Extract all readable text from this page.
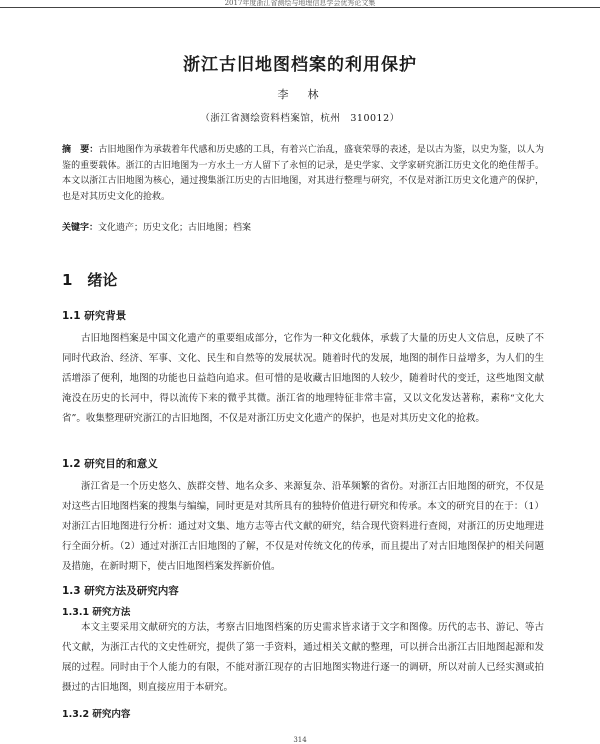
2017年度浙江省测绘与地理信息学会优秀论文集
浙江古旧地图档案的利用保护
李　林
（浙江省测绘资料档案馆，杭州　310012）

摘　要：古旧地图作为承载着年代感和历史感的工具，有着兴亡治乱，盛衰荣辱的表述，是以古为鉴，以史为鉴，以人为鉴的重要载体。浙江的古旧地图为一方水土一方人留下了永恒的记录，是史学家、文学家研究浙江历史文化的绝佳帮手。本文以浙江古旧地图为核心，通过搜集浙江历史的古旧地图，对其进行整理与研究，不仅是对浙江历史文化遗产的保护，也是对其历史文化的抢救。

关键字：文化遗产；历史文化；古旧地图；档案

1　绪论
1.1 研究背景

古旧地图档案是中国文化遗产的重要组成部分，它作为一种文化载体，承载了大量的历史人文信息，反映了不同时代政治、经济、军事、文化、民生和自然等的发展状况。随着时代的发展，地图的制作日益增多，为人们的生活增添了便利，地图的功能也日益趋向追求。但可惜的是收藏古旧地图的人较少，随着时代的变迁，这些地图文献淹没在历史的长河中，得以流传下来的微乎其微。浙江省的地理特征非常丰富，又以文化发达著称，素称“文化大省”。收集整理研究浙江的古旧地图，不仅是对浙江历史文化遗产的保护，也是对其历史文化的抢救。

1.2 研究目的和意义

浙江省是一个历史悠久、族群交替、地名众多、来源复杂、沿革频繁的省份。对浙江古旧地图的研究，不仅是对这些古旧地图档案的搜集与编编，同时更是对其所具有的独特价值进行研究和传承。本文的研究目的在于：（1）对浙江古旧地图进行分析：通过对文集、地方志等古代文献的研究，结合现代资料进行查阅，对浙江的历史地理进行全面分析。（2）通过对浙江古旧地图的了解，不仅是对传统文化的传承，而且提出了对古旧地图保护的相关问题及措施，在新时期下，使古旧地图档案发挥新价值。

1.3 研究方法及研究内容
1.3.1 研究方法

本文主要采用文献研究的方法，考察古旧地图档案的历史需求皆求诸于文字和图像。历代的志书、游记、等古代文献，为浙江古代的文史性研究，提供了第一手资料，通过相关文献的整理，可以拼合出浙江古旧地图起源和发展的过程。同时由于个人能力的有限，不能对浙江现存的古旧地图实物进行逐一的调研，所以对前人已经实测或拍摄过的古旧地图，则直接应用于本研究。

1.3.2 研究内容
314
